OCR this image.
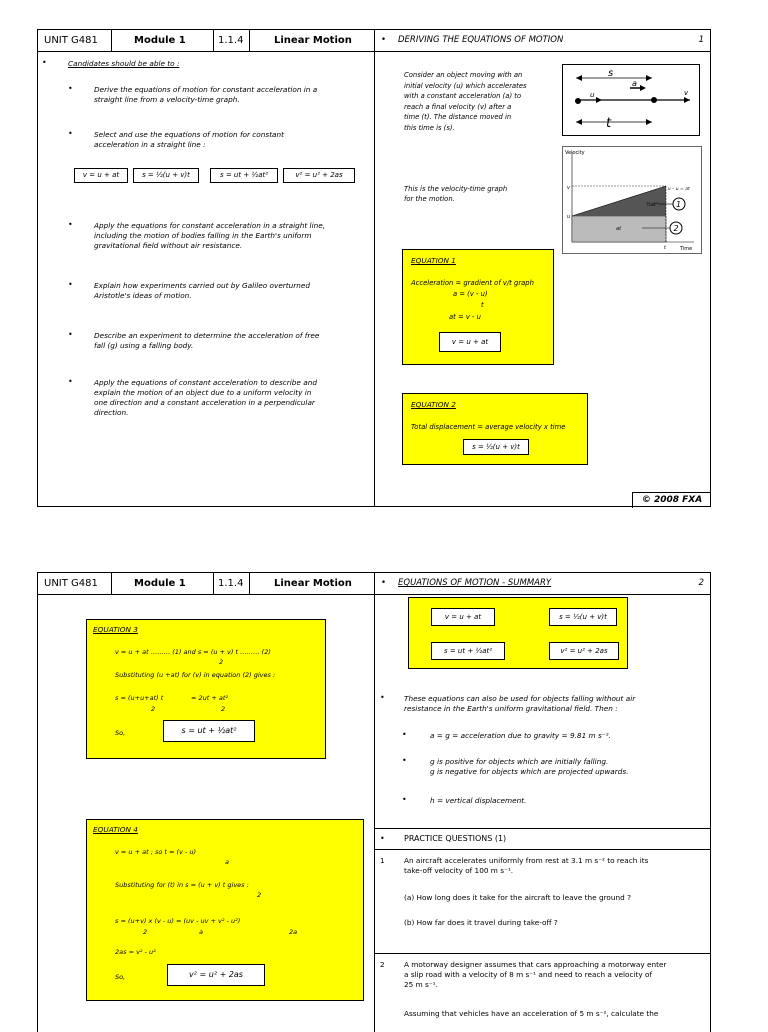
UNIT G481	Module 1	1.1.4	Linear Motion	• DERIVING THE EQUATIONS OF MOTION	1
•	Candidates should be able to :
•	Derive the equations of motion for constant acceleration in a
straight line from a velocity-time graph.
•	Select and use the equations of motion for constant
acceleration in a straight line :
v = u + at	s = ½(u + v)t	s = ut + ½at²	v² = u² + 2as
•	Apply the equations for constant acceleration in a straight line,
including the motion of bodies falling in the Earth's uniform
gravitational field without air resistance.
•	Explain how experiments carried out by Galileo overturned
Aristotle's ideas of motion.
•	Describe an experiment to determine the acceleration of free
fall (g) using a falling body.
•	Apply the equations of constant acceleration to describe and
explain the motion of an object due to a uniform velocity in
one direction and a constant acceleration in a perpendicular
direction.
Consider an object moving with an
initial velocity (u) which accelerates
with a constant acceleration (a) to
reach a final velocity (v) after a
time (t). The distance moved in
this time is (s).
s
a
u	v
t
Velocity
Time
v
u
t
v – u = at
½at²
at
1
2
This is the velocity-time graph
for the motion.
EQUATION 1
Acceleration = gradient of v/t graph
a = (v - u)
t
at = v - u
v = u + at
EQUATION 2
Total displacement = average velocity x time
s = ½(u + v)t
© 2008 FXA
UNIT G481	Module 1	1.1.4	Linear Motion	• EQUATIONS OF MOTION - SUMMARY	2
EQUATION 3
v = u + at ……… (1) and s = (u + v) t ……… (2)
2
Substituting (u +at) for (v) in equation (2) gives :
s = (u+u+at) t	= 2ut + at²
2	2
So,	s = ut + ½at²
EQUATION 4
v = u + at ; so t = (v - u)
a
Substituting for (t) in s = (u + v) t gives :
2
s = (u+v) x (v - u) = (uv - uv + v² - u²)
2	a	2a
2as = v² - u²
So,	v² = u² + 2as
v = u + at	s = ½(u + v)t
s = ut + ½at²	v² = u² + 2as
•	These equations can also be used for objects falling without air
resistance in the Earth's uniform gravitational field. Then :
•	a = g = acceleration due to gravity = 9.81 m s⁻².
•	g is positive for objects which are initially falling.
g is negative for objects which are projected upwards.
•	h = vertical displacement.
• PRACTICE QUESTIONS (1)
1	An aircraft accelerates uniformly from rest at 3.1 m s⁻² to reach its
take-off velocity of 100 m s⁻¹.
(a) How long does it take for the aircraft to leave the ground ?
(b) How far does it travel during take-off ?
2	A motorway designer assumes that cars approaching a motorway enter
a slip road with a velocity of 8 m s⁻¹ and need to reach a velocity of
25 m s⁻¹.
Assuming that vehicles have an acceleration of 5 m s⁻², calculate the
